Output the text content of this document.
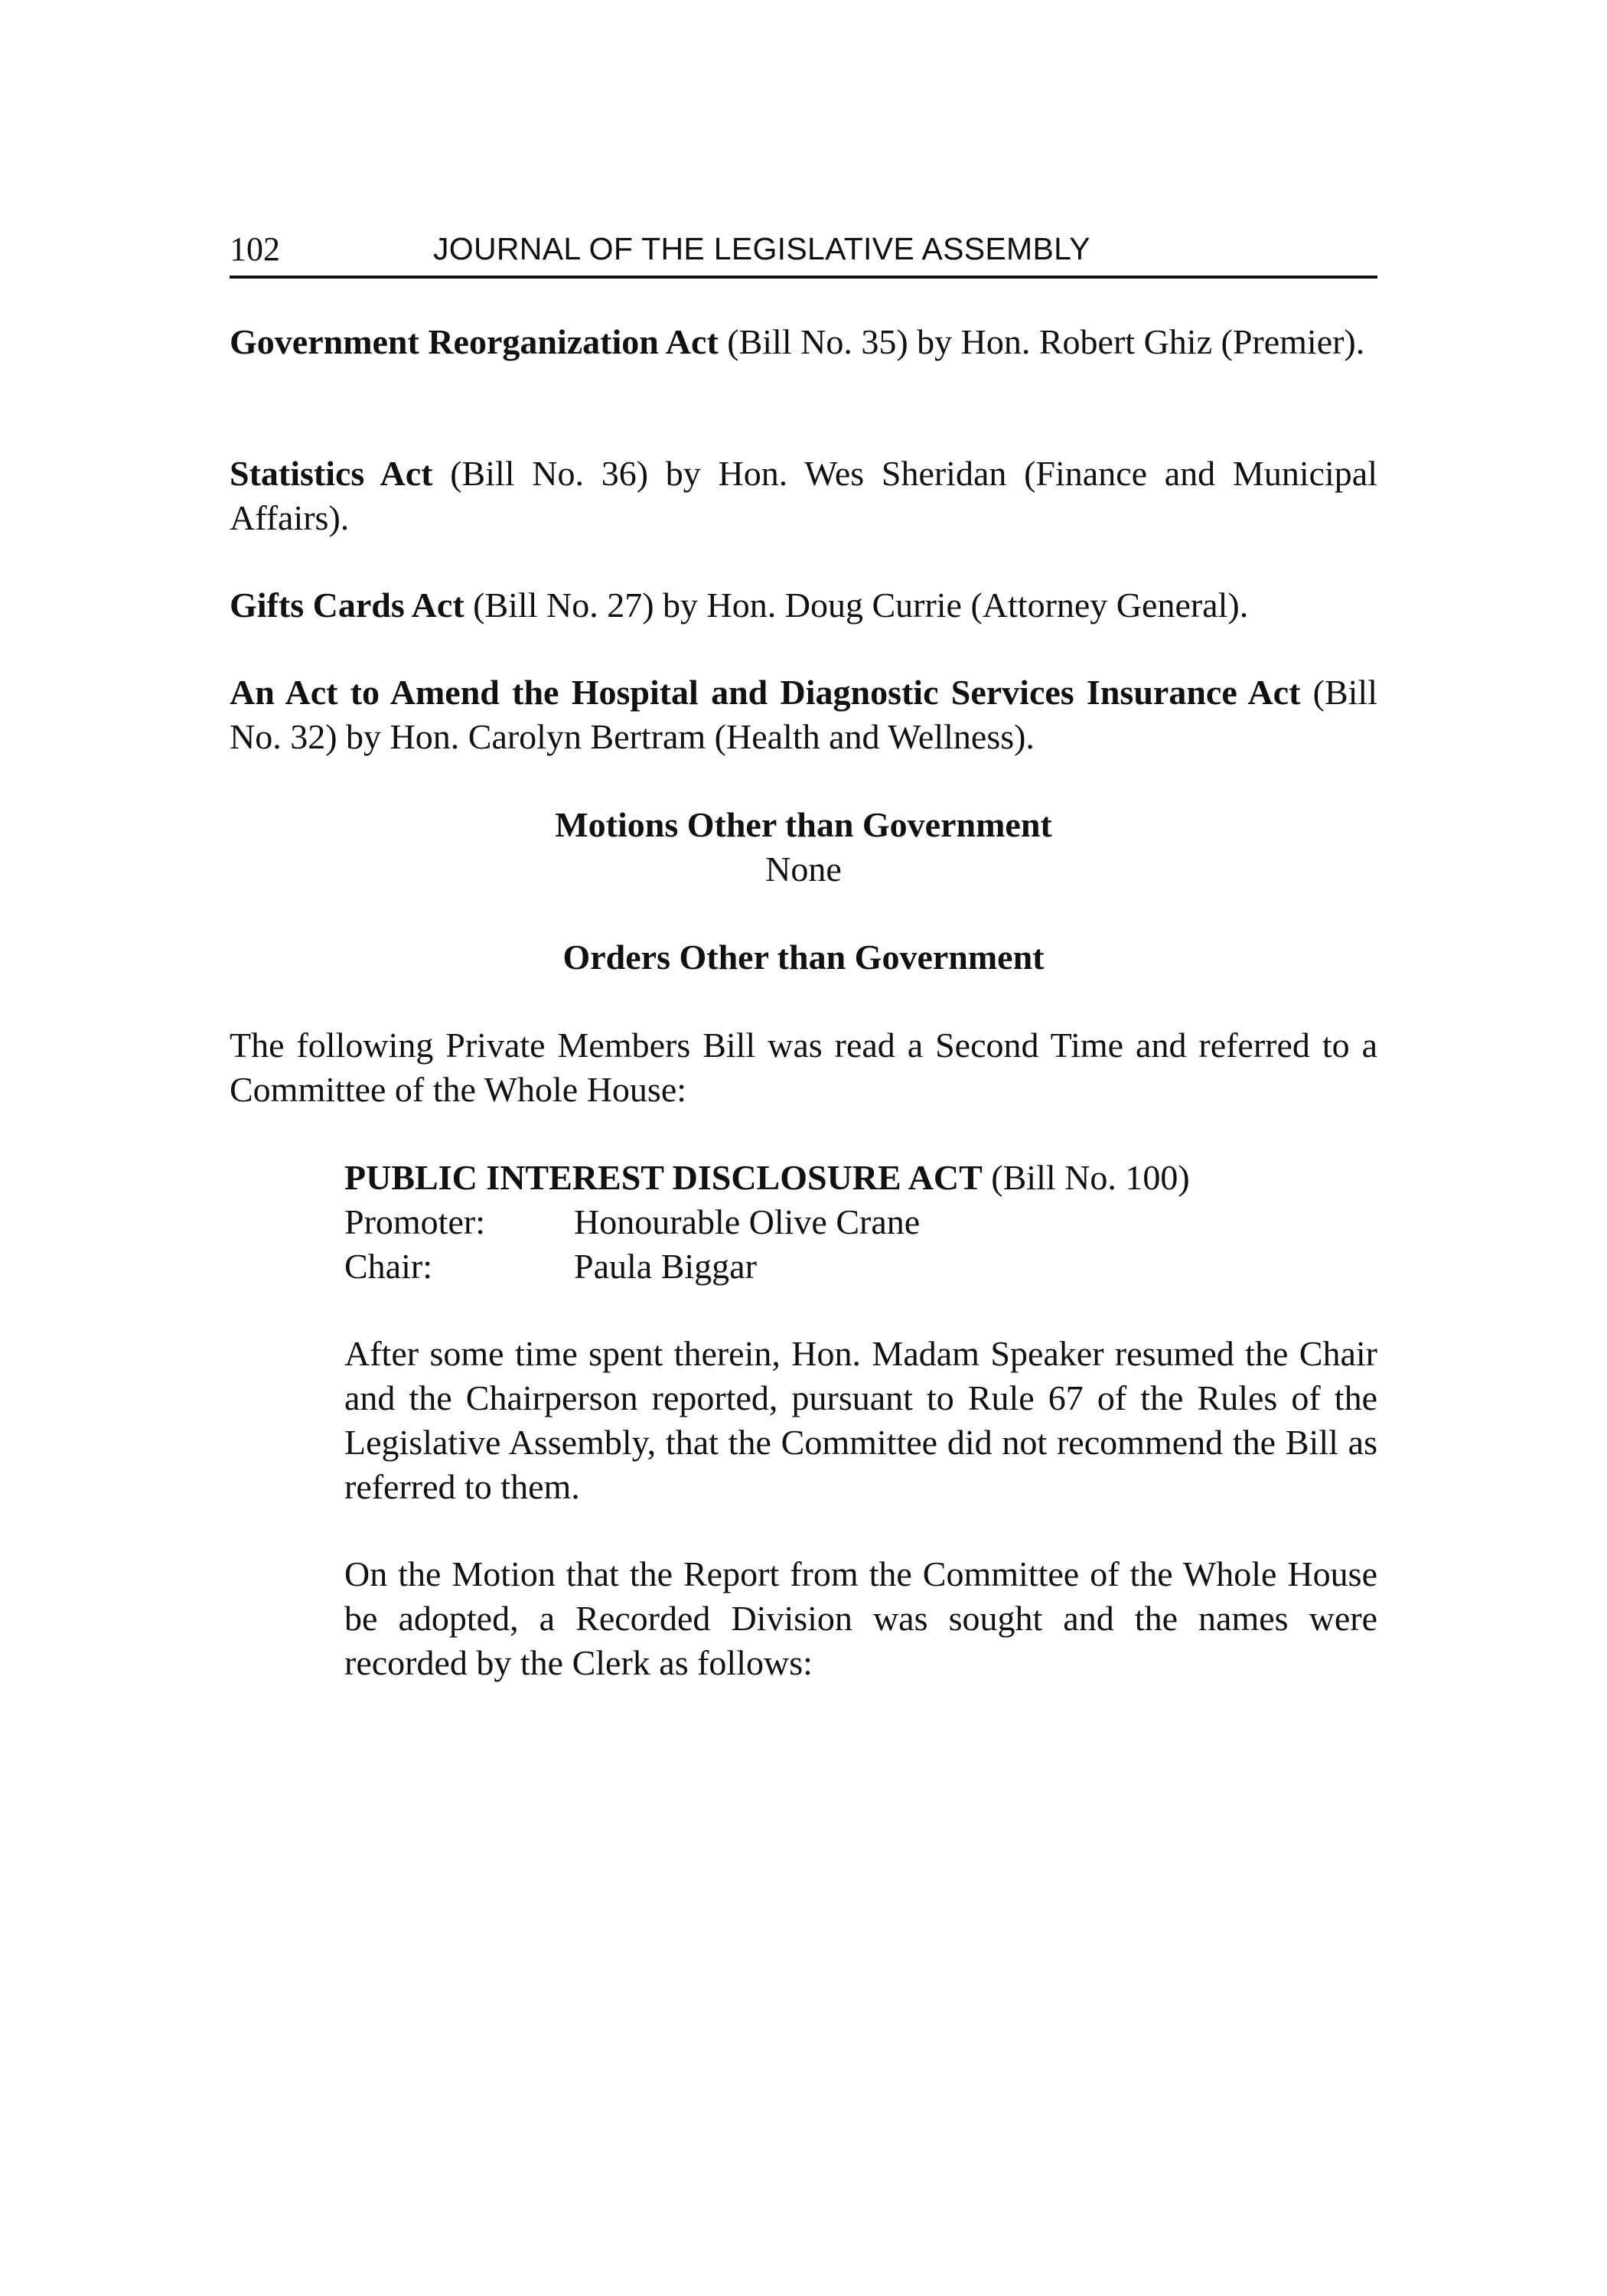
102	JOURNAL OF THE LEGISLATIVE ASSEMBLY

Government Reorganization Act (Bill No. 35) by Hon. Robert Ghiz (Premier).

Statistics Act (Bill No. 36) by Hon. Wes Sheridan (Finance and Municipal Affairs).

Gifts Cards Act (Bill No. 27) by Hon. Doug Currie (Attorney General).

An Act to Amend the Hospital and Diagnostic Services Insurance Act (Bill No. 32) by Hon. Carolyn Bertram (Health and Wellness).

Motions Other than Government
None
Orders Other than Government

The following Private Members Bill was read a Second Time and referred to a Committee of the Whole House:

PUBLIC INTEREST DISCLOSURE ACT (Bill No. 100)
Promoter:	Honourable Olive Crane
Chair:	Paula Biggar

After some time spent therein, Hon. Madam Speaker resumed the Chair and the Chairperson reported, pursuant to Rule 67 of the Rules of the Legislative Assembly, that the Committee did not recommend the Bill as referred to them.

On the Motion that the Report from the Committee of the Whole House be adopted, a Recorded Division was sought and the names were recorded by the Clerk as follows:
